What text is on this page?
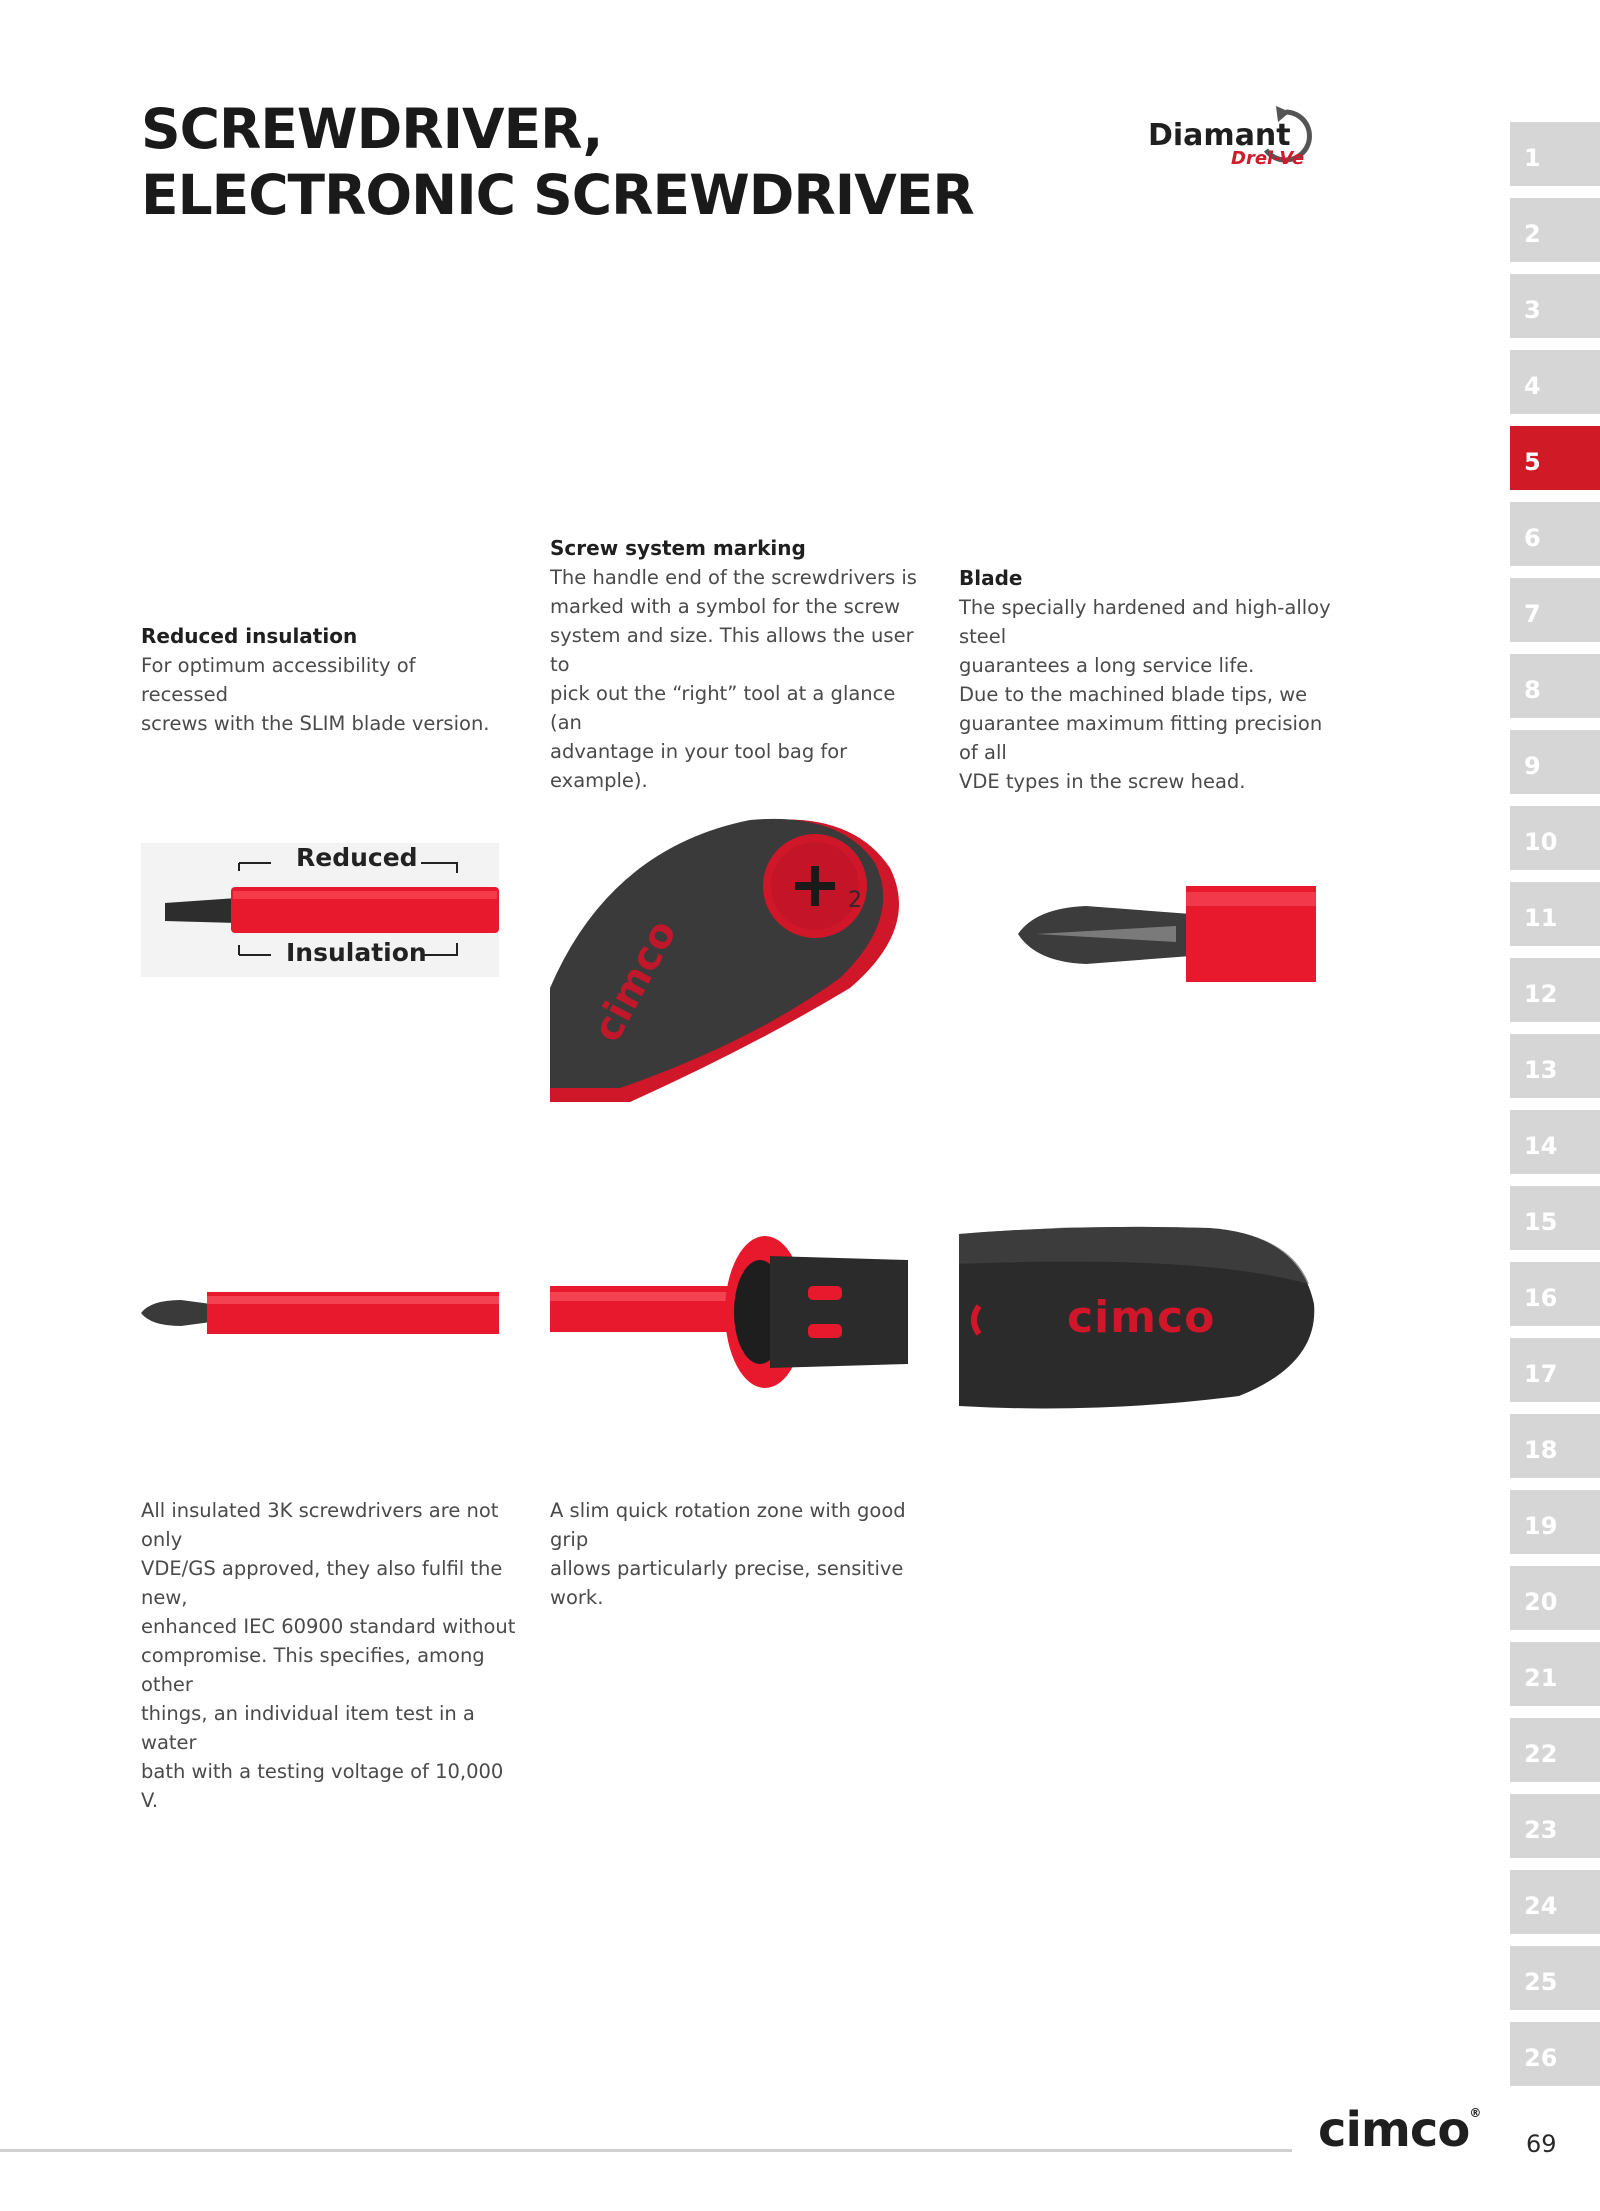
SCREWDRIVER,
ELECTRONIC SCREWDRIVER
Diamant
Drei-Ve	1
2
3
4
5
6
7
8
9
10
11
12
13
14
15
16
17
18
19
20
21
22
23
24
25
26
Reduced insulation

For optimum accessibility of recessed

screws with the SLIM blade version.

Screw system marking

The handle end of the screwdrivers is

marked with a symbol for the screw

system and size. This allows the user to

pick out the “right” tool at a glance (an

advantage in your tool bag for example).

Blade

The specially hardened and high-alloy steel

guarantees a long service life.

Due to the machined blade tips, we

guarantee maximum fitting precision of all

VDE types in the screw head.

All insulated 3K screwdrivers are not only

VDE/GS approved, they also fulfil the new,

enhanced IEC 60900 standard without

compromise. This specifies, among other

things, an individual item test in a water

bath with a testing voltage of 10,000 V.

A slim quick rotation zone with good grip

allows particularly precise, sensitive work.

Reduced
Insulation	cimco
2
cimco
cimco®
69
